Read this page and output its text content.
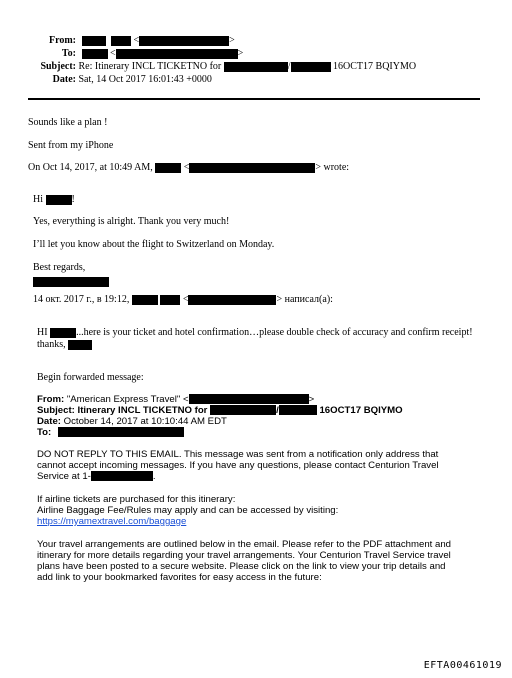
From:	<	>
To:	<	>
Subject: Re: Itinerary INCL TICKETNO for	/	16OCT17 BQIYMO
Date: Sat, 14 Oct 2017 16:01:43 +0000
Sounds like a plan !
Sent from my iPhone
On Oct 14, 2017, at 10:49 AM,	<	> wrote:
Hi	!
Yes, everything is alright. Thank you very much!
I’ll let you know about the flight to Switzerland on Monday.
Best regards,
14 окт. 2017 г., в 19:12,	<	> написал(а):
HI	...here is your ticket and hotel confirmation…please double check of accuracy and confirm receipt!
thanks,
Begin forwarded message:
From: "American Express Travel" <	>
Subject: Itinerary INCL TICKETNO for	/	16OCT17 BQIYMO
Date: October 14, 2017 at 10:10:44 AM EDT
To:
DO NOT REPLY TO THIS EMAIL. This message was sent from a notification only address that
cannot accept incoming messages. If you have any questions, please contact Centurion Travel
Service at 1-	.
If airline tickets are purchased for this itinerary:
Airline Baggage Fee/Rules may apply and can be accessed by visiting:
https://myamextravel.com/baggage
Your travel arrangements are outlined below in the email. Please refer to the PDF attachment and
itinerary for more details regarding your travel arrangements. Your Centurion Travel Service travel
plans have been posted to a secure website. Please click on the link to view your trip details and
add link to your bookmarked favorites for easy access in the future:
EFTA00461019
